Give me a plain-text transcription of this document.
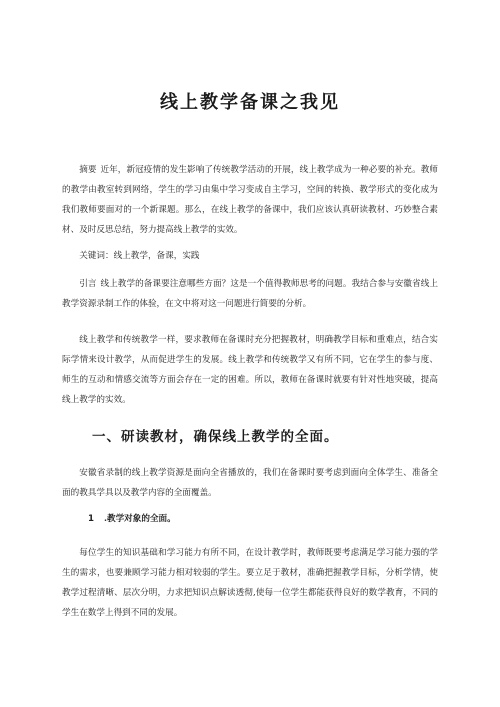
线上教学备课之我见

摘要 近年，新冠疫情的发生影响了传统教学活动的开展，线上教学成为一种必要的补充。教师的教学由教室转到网络，学生的学习由集中学习变成自主学习，空间的转换、教学形式的变化成为我们教师要面对的一个新课题。那么，在线上教学的备课中，我们应该认真研读教材、巧妙整合素材、及时反思总结，努力提高线上教学的实效。

关键词：线上教学，备课，实践

引言 线上教学的备课要注意哪些方面？这是一个值得教师思考的问题。我结合参与安徽省线上教学资源录制工作的体验，在文中将对这一问题进行简要的分析。

线上教学和传统教学一样，要求教师在备课时充分把握教材，明确教学目标和重难点，结合实际学情来设计教学，从而促进学生的发展。线上教学和传统教学又有所不同，它在学生的参与度、师生的互动和情感交流等方面会存在一定的困难。所以，教师在备课时就要有针对性地突破，提高线上教学的实效。

一、研读教材，确保线上教学的全面。

安徽省录制的线上教学资源是面向全省播放的，我们在备课时要考虑到面向全体学生、准备全面的教具学具以及教学内容的全面覆盖。

1 .教学对象的全面。

每位学生的知识基础和学习能力有所不同，在设计教学时，教师既要考虑满足学习能力强的学生的需求，也要兼顾学习能力相对较弱的学生。要立足于教材，准确把握教学目标，分析学情，使教学过程清晰、层次分明，力求把知识点解读透彻,使每一位学生都能获得良好的数学教育，不同的学生在数学上得到不同的发展。
